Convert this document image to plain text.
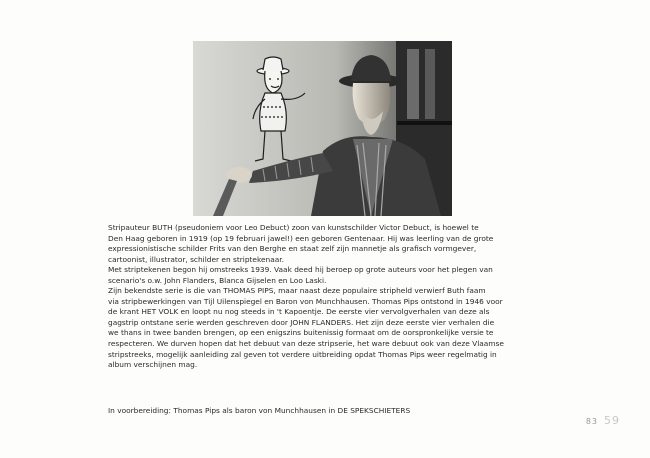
Stripauteur BUTH (pseudoniem voor Leo Debuct) zoon van kunstschilder Victor Debuct, is hoewel te
Den Haag geboren in 1919 (op 19 februari jawel!) een geboren Gentenaar. Hij was leerling van de grote
expressionistische schilder Frits van den Berghe en staat zelf zijn mannetje als grafisch vormgever,
cartoonist, illustrator, schilder en striptekenaar.
Met striptekenen begon hij omstreeks 1939. Vaak deed hij beroep op grote auteurs voor het plegen van
scenario's o.w. John Flanders, Blanca Gijselen en Loo Laski.
Zijn bekendste serie is die van THOMAS PIPS, maar naast deze populaire stripheld verwierf Buth faam
via stripbewerkingen van Tijl Uilenspiegel en Baron von Munchhausen. Thomas Pips ontstond in 1946 voor
de krant HET VOLK en loopt nu nog steeds in 't Kapoentje. De eerste vier vervolgverhalen van deze als
gagstrip ontstane serie werden geschreven door JOHN FLANDERS. Het zijn deze eerste vier verhalen die
we thans in twee banden brengen, op een enigszins buitenissig formaat om de oorspronkelijke versie te
respecteren. We durven hopen dat het debuut van deze stripserie, het ware debuut ook van deze Vlaamse
stripstreeks, mogelijk aanleiding zal geven tot verdere uitbreiding opdat Thomas Pips weer regelmatig in
album verschijnen mag.
In voorbereiding: Thomas Pips als baron von Munchhausen in DE SPEKSCHIETERS
83 59
